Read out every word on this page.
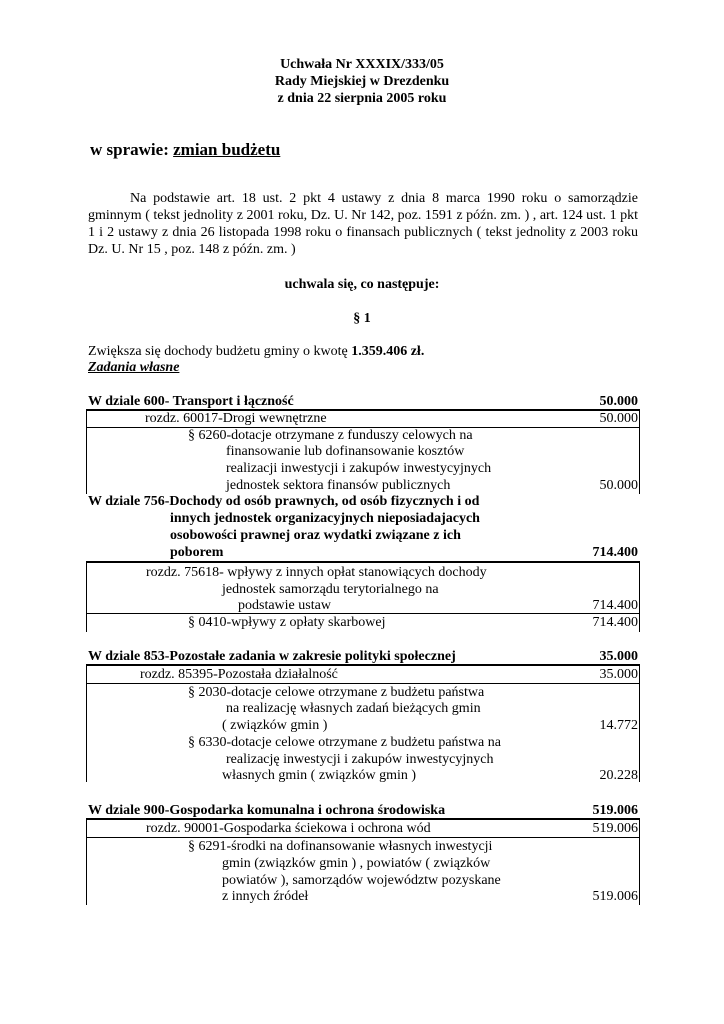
Uchwała Nr XXXIX/333/05
Rady Miejskiej w Drezdenku
z dnia 22 sierpnia 2005 roku
w sprawie: zmian budżetu
Na podstawie art. 18 ust. 2 pkt 4 ustawy z dnia 8 marca 1990 roku o samorządzie gminnym ( tekst jednolity z 2001 roku, Dz. U. Nr 142, poz. 1591 z późn. zm. ) , art. 124 ust. 1 pkt 1 i 2 ustawy z dnia 26 listopada 1998 roku o finansach publicznych ( tekst jednolity z 2003 roku Dz. U. Nr 15 , poz. 148 z późn. zm. )
uchwala się, co następuje:
§ 1
Zwiększa się dochody budżetu gminy o kwotę 1.359.406 zł.
Zadania własne
W dziale 600- Transport i łączność	50.000
rozdz. 60017-Drogi wewnętrzne	50.000
§ 6260-dotacje otrzymane z funduszy celowych na
finansowanie lub dofinansowanie kosztów
realizacji inwestycji i zakupów inwestycyjnych
jednostek sektora finansów publicznych	50.000
W dziale 756-Dochody od osób prawnych, od osób fizycznych i od
innych jednostek organizacyjnych nieposiadajacych
osobowości prawnej oraz wydatki związane z ich
poborem	714.400
rozdz. 75618- wpływy z innych opłat stanowiących dochody
jednostek samorządu terytorialnego na
podstawie ustaw	714.400
§ 0410-wpływy z opłaty skarbowej	714.400
W dziale 853-Pozostałe zadania w zakresie polityki społecznej	35.000
rozdz. 85395-Pozostała działalność	35.000
§ 2030-dotacje celowe otrzymane z budżetu państwa
na realizację własnych zadań bieżących gmin
( związków gmin )	14.772
§ 6330-dotacje celowe otrzymane z budżetu państwa na
realizację inwestycji i zakupów inwestycyjnych
własnych gmin ( związków gmin )	20.228
W dziale 900-Gospodarka komunalna i ochrona środowiska	519.006
rozdz. 90001-Gospodarka ściekowa i ochrona wód	519.006
§ 6291-środki na dofinansowanie własnych inwestycji
gmin (związków gmin ) , powiatów ( związków
powiatów ), samorządów województw pozyskane
z innych źródeł	519.006
